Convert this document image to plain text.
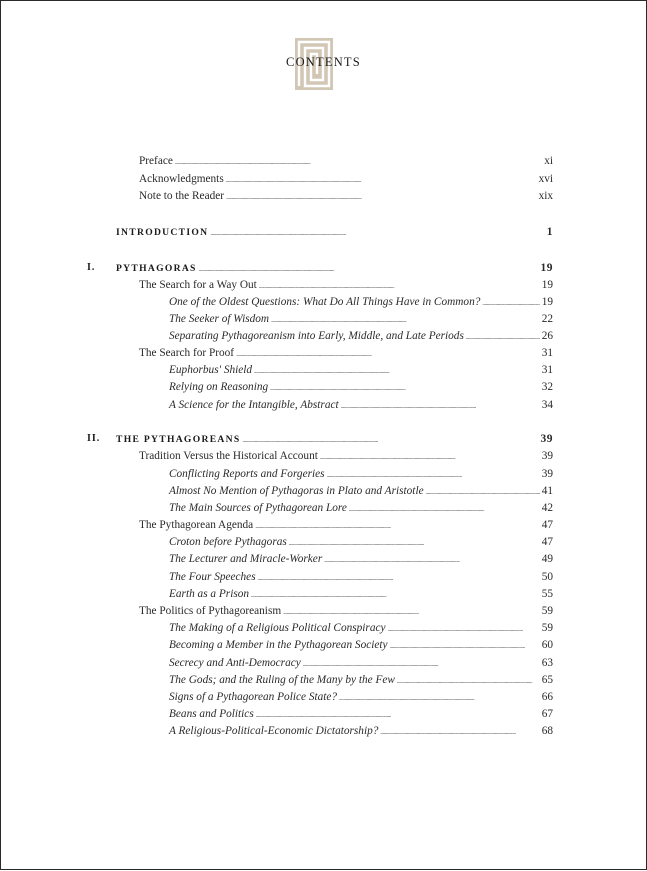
CONTENTS
Preface . . .	xi
Acknowledgments . . .	xvi
Note to the Reader . . .	xix
INTRODUCTION . . .	1
I. PYTHAGORAS . . .	19
The Search for a Way Out . . .	19
One of the Oldest Questions: What Do All Things Have in Common? . . .	19
The Seeker of Wisdom . . .	22
Separating Pythagoreanism into Early, Middle, and Late Periods . . .	26
The Search for Proof . . .	31
Euphorbus' Shield . . .	31
Relying on Reasoning . . .	32
A Science for the Intangible, Abstract . . .	34
II. THE PYTHAGOREANS . . .	39
Tradition Versus the Historical Account . . .	39
Conflicting Reports and Forgeries . . .	39
Almost No Mention of Pythagoras in Plato and Aristotle . . .	41
The Main Sources of Pythagorean Lore . . .	42
The Pythagorean Agenda . . .	47
Croton before Pythagoras . . .	47
The Lecturer and Miracle-Worker . . .	49
The Four Speeches . . .	50
Earth as a Prison . . .	55
The Politics of Pythagoreanism . . .	59
The Making of a Religious Political Conspiracy . . .	59
Becoming a Member in the Pythagorean Society . . .	60
Secrecy and Anti-Democracy . . .	63
The Gods; and the Ruling of the Many by the Few . . .	65
Signs of a Pythagorean Police State? . . .	66
Beans and Politics . . .	67
A Religious-Political-Economic Dictatorship? . . .	68
